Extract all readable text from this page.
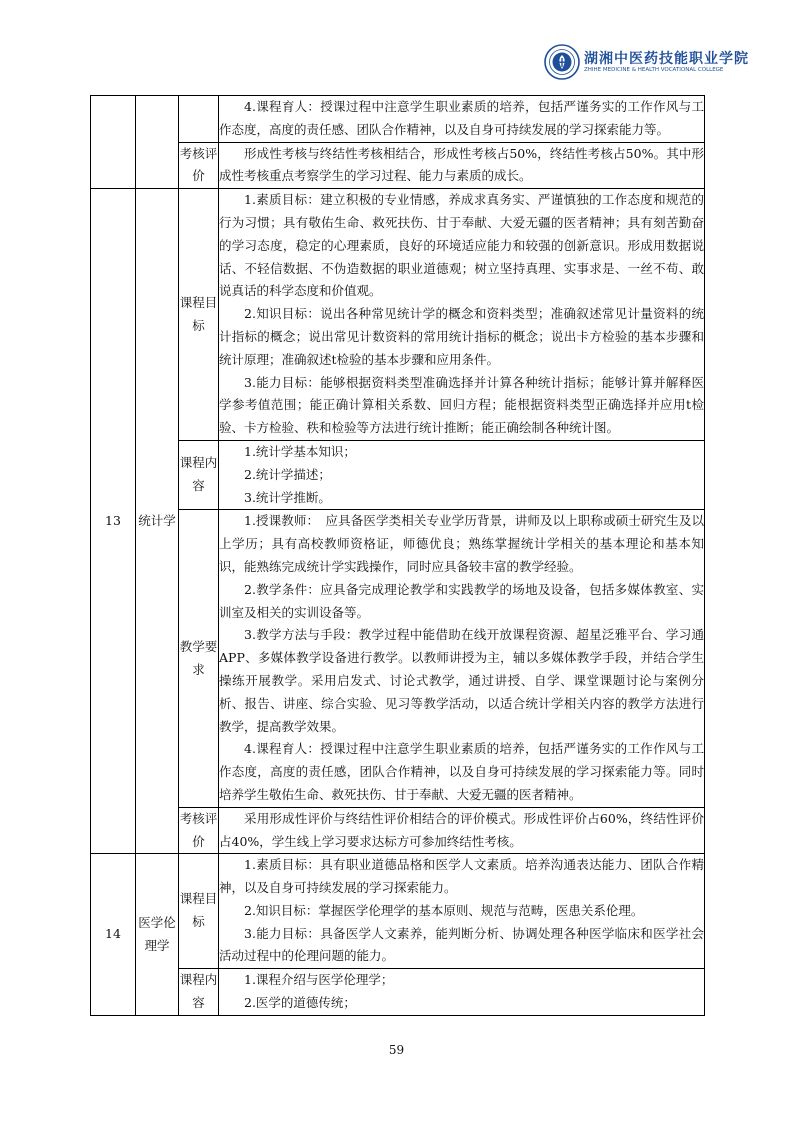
湖湘中医药技能职业学院
ZHIHE MEDICINE & HEALTH VOCATIONAL COLLEGE

			4.课程育人：授课过程中注意学生职业素质的培养，包括严谨务实的工作作风与工作态度，高度的责任感、团队合作精神，以及自身可持续发展的学习探索能力等。

		考核评价	形成性考核与终结性考核相结合，形成性考核占50%，终结性考核占50%。其中形成性考核重点考察学生的学习过程、能力与素质的成长。

13	统计学	课程目标	1.素质目标：建立积极的专业情感，养成求真务实、严谨慎独的工作态度和规范的行为习惯；具有敬佑生命、救死扶伤、甘于奉献、大爱无疆的医者精神；具有刻苦勤奋的学习态度，稳定的心理素质，良好的环境适应能力和较强的创新意识。形成用数据说话、不轻信数据、不伪造数据的职业道德观；树立坚持真理、实事求是、一丝不苟、敢说真话的科学态度和价值观。

2.知识目标：说出各种常见统计学的概念和资料类型；准确叙述常见计量资料的统计指标的概念；说出常见计数资料的常用统计指标的概念；说出卡方检验的基本步骤和统计原理；准确叙述t检验的基本步骤和应用条件。

3.能力目标：能够根据资料类型准确选择并计算各种统计指标；能够计算并解释医学参考值范围；能正确计算相关系数、回归方程；能根据资料类型正确选择并应用t检验、卡方检验、秩和检验等方法进行统计推断；能正确绘制各种统计图。

		课程内容	1.统计学基本知识；

2.统计学描述；

3.统计学推断。

		教学要求	1.授课教师：　应具备医学类相关专业学历背景，讲师及以上职称或硕士研究生及以上学历；具有高校教师资格证，师德优良；熟练掌握统计学相关的基本理论和基本知识，能熟练完成统计学实践操作，同时应具备较丰富的教学经验。

2.教学条件：应具备完成理论教学和实践教学的场地及设备，包括多媒体教室、实训室及相关的实训设备等。

3.教学方法与手段：教学过程中能借助在线开放课程资源、超星泛雅平台、学习通APP、多媒体教学设备进行教学。以教师讲授为主，辅以多媒体教学手段，并结合学生操练开展教学。采用启发式、讨论式教学，通过讲授、自学、课堂课题讨论与案例分析、报告、讲座、综合实验、见习等教学活动，以适合统计学相关内容的教学方法进行教学，提高教学效果。

4.课程育人：授课过程中注意学生职业素质的培养，包括严谨务实的工作作风与工作态度，高度的责任感，团队合作精神，以及自身可持续发展的学习探索能力等。同时培养学生敬佑生命、救死扶伤、甘于奉献、大爱无疆的医者精神。

		考核评价	采用形成性评价与终结性评价相结合的评价模式。形成性评价占60%，终结性评价占40%，学生线上学习要求达标方可参加终结性考核。

14	医学伦理学	课程目标	1.素质目标：具有职业道德品格和医学人文素质。培养沟通表达能力、团队合作精神，以及自身可持续发展的学习探索能力。

2.知识目标：掌握医学伦理学的基本原则、规范与范畴，医患关系伦理。

3.能力目标：具备医学人文素养，能判断分析、协调处理各种医学临床和医学社会活动过程中的伦理问题的能力。

		课程内容	1.课程介绍与医学伦理学；

2.医学的道德传统；

59
